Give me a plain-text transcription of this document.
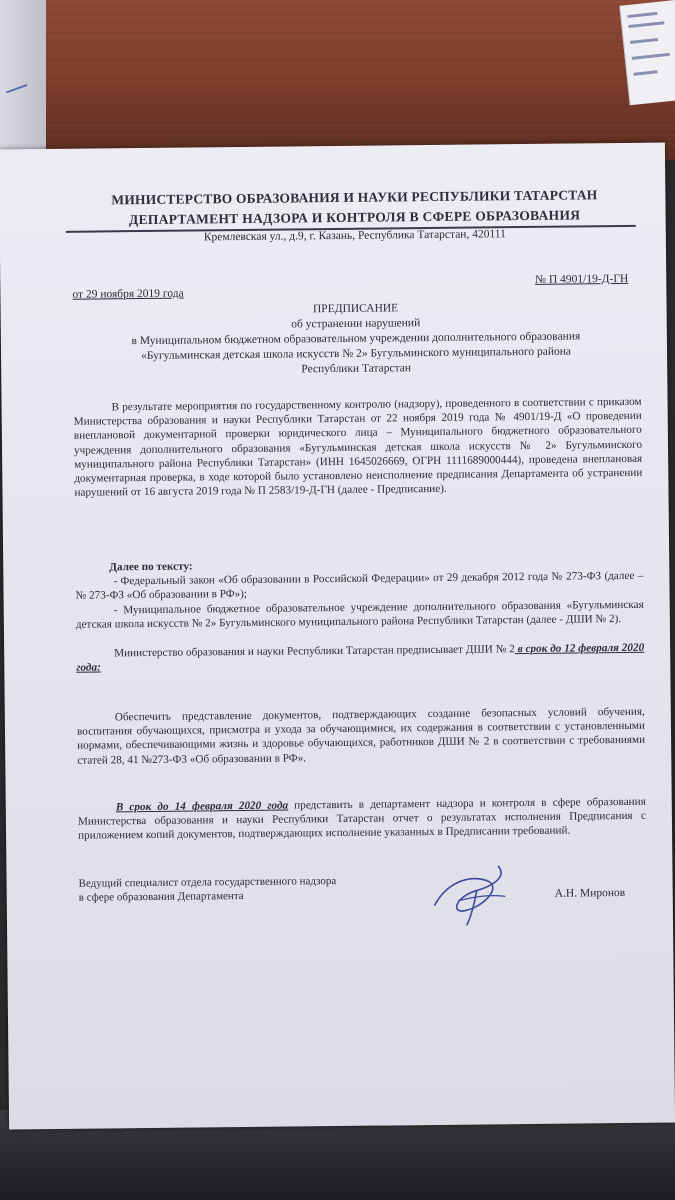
МИНИСТЕРСТВО ОБРАЗОВАНИЯ И НАУКИ РЕСПУБЛИКИ ТАТАРСТАН
ДЕПАРТАМЕНТ НАДЗОРА И КОНТРОЛЯ В СФЕРЕ ОБРАЗОВАНИЯ
Кремлевская ул., д.9, г. Казань, Республика Татарстан, 420111
от 29 ноября 2019 года
№ П 4901/19-Д-ГН
ПРЕДПИСАНИЕ
об устранении нарушений
в Муниципальном бюджетном образовательном учреждении дополнительного образования
«Бугульминская детская школа искусств № 2» Бугульминского муниципального района
Республики Татарстан
В результате мероприятия по государственному контролю (надзору), проведенного в соответствии с приказом Министерства образования и науки Республики Татарстан от 22 ноября 2019 года № 4901/19-Д «О проведении внеплановой документарной проверки юридического лица – Муниципального бюджетного образовательного учреждения дополнительного образования «Бугульминская детская школа искусств № 2» Бугульминского муниципального района Республики Татарстан» (ИНН 1645026669, ОГРН 1111689000444), проведена внеплановая документарная проверка, в ходе которой было установлено неисполнение предписания Департамента об устранении нарушений от 16 августа 2019 года № П 2583/19-Д-ГН (далее - Предписание).
Далее по тексту:
- Федеральный закон «Об образовании в Российской Федерации» от 29 декабря 2012 года № 273-ФЗ (далее – № 273-ФЗ «Об образовании в РФ»);
- Муниципальное бюджетное образовательное учреждение дополнительного образования «Бугульминская детская школа искусств № 2» Бугульминского муниципального района Республики Татарстан (далее - ДШИ № 2).
Министерство образования и науки Республики Татарстан предписывает ДШИ № 2 в срок до 12 февраля 2020 года:
Обеспечить представление документов, подтверждающих создание безопасных условий обучения, воспитания обучающихся, присмотра и ухода за обучающимися, их содержания в соответствии с установленными нормами, обеспечивающими жизнь и здоровье обучающихся, работников ДШИ № 2 в соответствии с требованиями статей 28, 41 №273-ФЗ «Об образовании в РФ».
В срок до 14 февраля 2020 года представить в департамент надзора и контроля в сфере образования Министерства образования и науки Республики Татарстан отчет о результатах исполнения Предписания с приложением копий документов, подтверждающих исполнение указанных в Предписании требований.
Ведущий специалист отдела государственного надзора
в сфере образования Департамента	А.Н. Миронов
